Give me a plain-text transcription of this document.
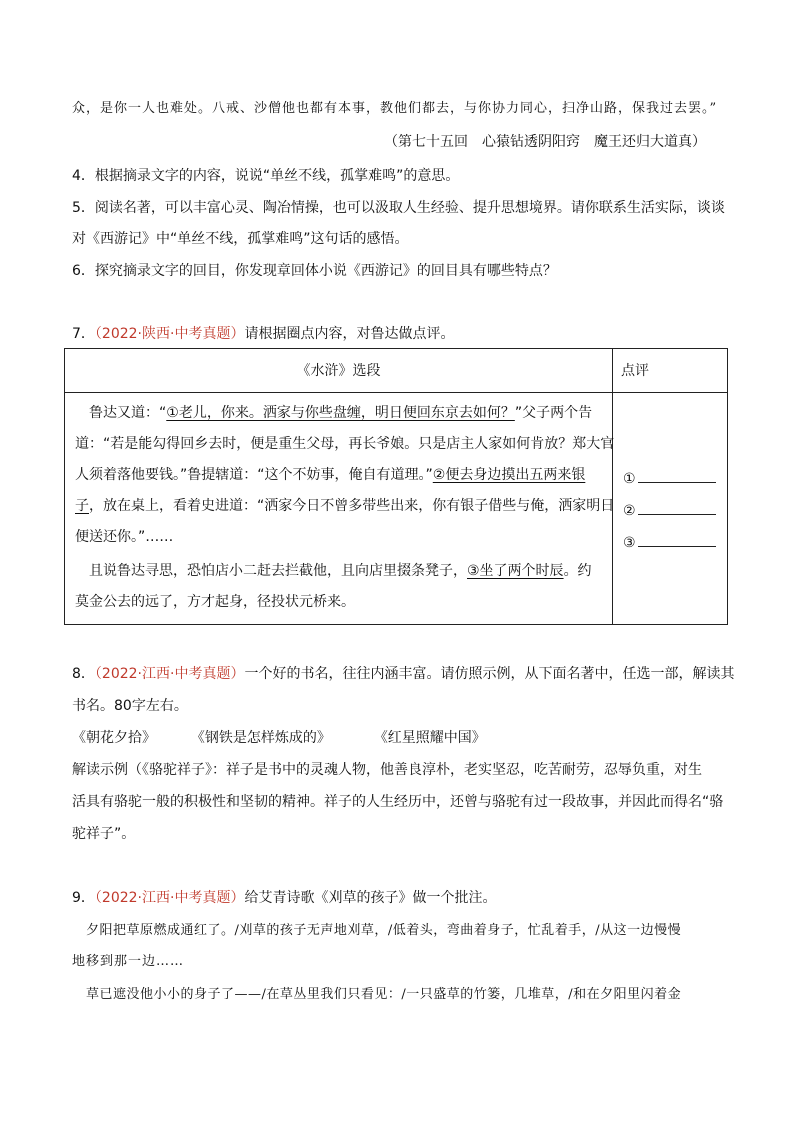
众，是你一人也难处。八戒、沙僧他也都有本事，教他们都去，与你协力同心，扫净山路，保我过去罢。”
（第七十五回　心猿钻透阴阳窍　魔王还归大道真）
4．根据摘录文字的内容，说说“单丝不线，孤掌难鸣”的意思。
5．阅读名著，可以丰富心灵、陶冶情操，也可以汲取人生经验、提升思想境界。请你联系生活实际，谈谈
对《西游记》中“单丝不线，孤掌难鸣”这句话的感悟。
6．探究摘录文字的回目，你发现章回体小说《西游记》的回目具有哪些特点？
7．（2022·陕西·中考真题）请根据圈点内容，对鲁达做点评。
《水浒》选段	点评
鲁达又道：“①老儿，你来。洒家与你些盘缠，明日便回东京去如何？”父子两个告
道：“若是能勾得回乡去时，便是重生父母，再长爷娘。只是店主人家如何肯放？郑大官
人须着落他要钱。”鲁提辖道：“这个不妨事，俺自有道理。”②便去身边摸出五两来银
子，放在桌上，看着史进道：“洒家今日不曾多带些出来，你有银子借些与俺，洒家明日
便送还你。”……
且说鲁达寻思，恐怕店小二赶去拦截他，且向店里掇条凳子，③坐了两个时辰。约
莫金公去的远了，方才起身，径投状元桥来。
①
②
③
8．（2022·江西·中考真题）一个好的书名，往往内涵丰富。请仿照示例，从下面名著中，任选一部，解读其
书名。80字左右。
《朝花夕拾》 《钢铁是怎样炼成的》	《红星照耀中国》
解读示例（《骆驼祥子》：祥子是书中的灵魂人物，他善良淳朴，老实坚忍，吃苦耐劳，忍辱负重，对生
活具有骆驼一般的积极性和坚韧的精神。祥子的人生经历中，还曾与骆驼有过一段故事，并因此而得名“骆
驼祥子”。
9．（2022·江西·中考真题）给艾青诗歌《刈草的孩子》做一个批注。
夕阳把草原燃成通红了。/刈草的孩子无声地刈草，/低着头，弯曲着身子，忙乱着手，/从这一边慢慢
地移到那一边……
草已遮没他小小的身子了——/在草丛里我们只看见：/一只盛草的竹篓，几堆草，/和在夕阳里闪着金
